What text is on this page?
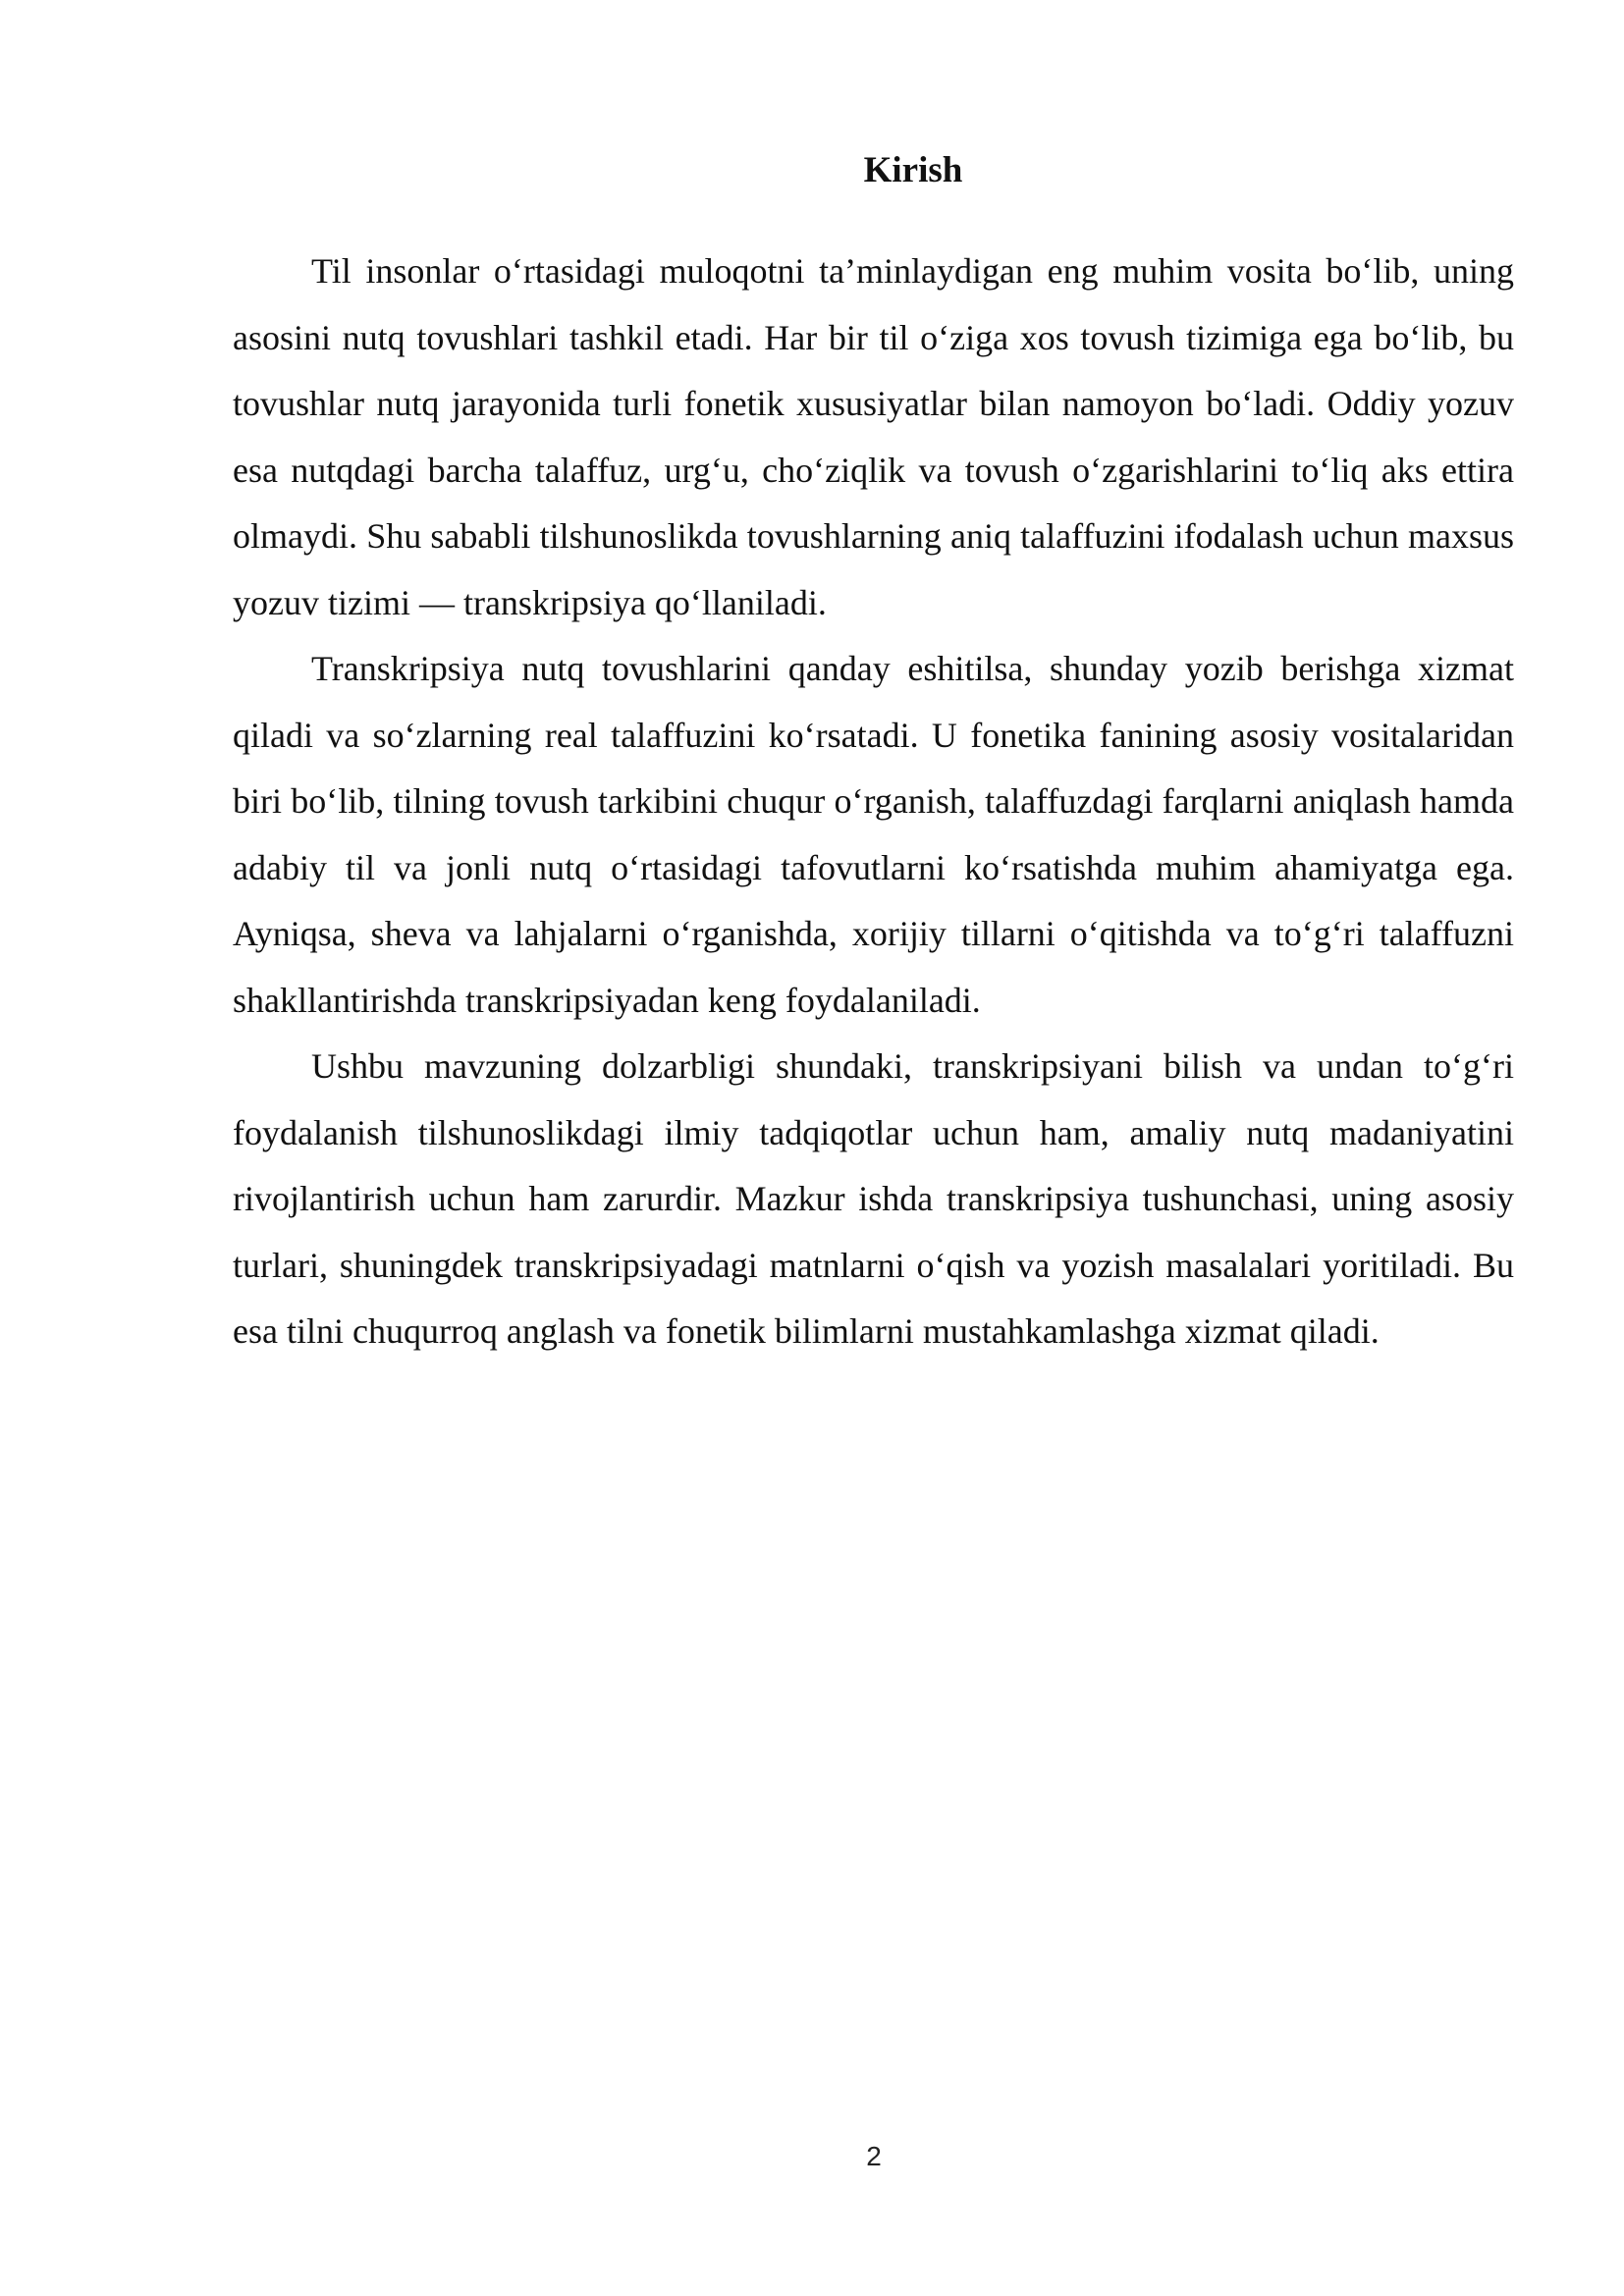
Kirish

Til insonlar o‘rtasidagi muloqotni ta’minlaydigan eng muhim vosita bo‘lib, uning asosini nutq tovushlari tashkil etadi. Har bir til o‘ziga xos tovush tizimiga ega bo‘lib, bu tovushlar nutq jarayonida turli fonetik xususiyatlar bilan namoyon bo‘ladi. Oddiy yozuv esa nutqdagi barcha talaffuz, urg‘u, cho‘ziqlik va tovush o‘zgarishlarini to‘liq aks ettira olmaydi. Shu sababli tilshunoslikda tovushlarning aniq talaffuzini ifodalash uchun maxsus yozuv tizimi — transkripsiya qo‘llaniladi.

Transkripsiya nutq tovushlarini qanday eshitilsa, shunday yozib berishga xizmat qiladi va so‘zlarning real talaffuzini ko‘rsatadi. U fonetika fanining asosiy vositalaridan biri bo‘lib, tilning tovush tarkibini chuqur o‘rganish, talaffuzdagi farqlarni aniqlash hamda adabiy til va jonli nutq o‘rtasidagi tafovutlarni ko‘rsatishda muhim ahamiyatga ega. Ayniqsa, sheva va lahjalarni o‘rganishda, xorijiy tillarni o‘qitishda va to‘g‘ri talaffuzni shakllantirishda transkripsiyadan keng foydalaniladi.

Ushbu mavzuning dolzarbligi shundaki, transkripsiyani bilish va undan to‘g‘ri foydalanish tilshunoslikdagi ilmiy tadqiqotlar uchun ham, amaliy nutq madaniyatini rivojlantirish uchun ham zarurdir. Mazkur ishda transkripsiya tushunchasi, uning asosiy turlari, shuningdek transkripsiyadagi matnlarni o‘qish va yozish masalalari yoritiladi. Bu esa tilni chuqurroq anglash va fonetik bilimlarni mustahkamlashga xizmat qiladi.

2
